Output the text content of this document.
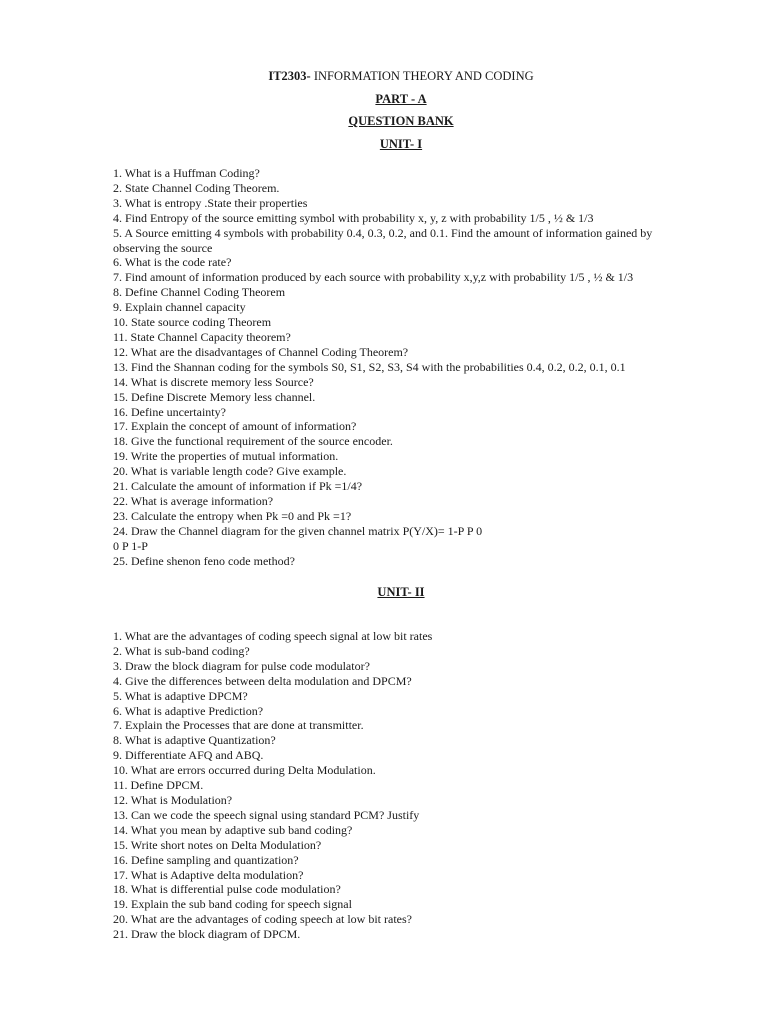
IT2303- INFORMATION THEORY AND CODING
PART - A
QUESTION BANK
UNIT- I
1. What is a Huffman Coding?
2. State Channel Coding Theorem.
3. What is entropy .State their properties
4. Find Entropy of the source emitting symbol with probability x, y, z with probability 1/5 , ½ & 1/3
5. A Source emitting 4 symbols with probability 0.4, 0.3, 0.2, and 0.1. Find the amount of information gained by observing the source
6. What is the code rate?
7. Find amount of information produced by each source with probability x,y,z with probability 1/5 , ½ & 1/3
8. Define Channel Coding Theorem
9. Explain channel capacity
10. State source coding Theorem
11. State Channel Capacity theorem?
12. What are the disadvantages of Channel Coding Theorem?
13. Find the Shannan coding for the symbols S0, S1, S2, S3, S4 with the probabilities 0.4, 0.2, 0.2, 0.1, 0.1
14. What is discrete memory less Source?
15. Define Discrete Memory less channel.
16. Define uncertainty?
17. Explain the concept of amount of information?
18. Give the functional requirement of the source encoder.
19. Write the properties of mutual information.
20. What is variable length code? Give example.
21. Calculate the amount of information if Pk =1/4?
22. What is average information?
23. Calculate the entropy when Pk =0 and Pk =1?
24. Draw the Channel diagram for the given channel matrix P(Y/X)= 1-P P 0
0 P 1-P
25. Define shenon feno code method?
UNIT- II
1. What are the advantages of coding speech signal at low bit rates
2. What is sub-band coding?
3. Draw the block diagram for pulse code modulator?
4. Give the differences between delta modulation and DPCM?
5. What is adaptive DPCM?
6. What is adaptive Prediction?
7. Explain the Processes that are done at transmitter.
8. What is adaptive Quantization?
9. Differentiate AFQ and ABQ.
10. What are errors occurred during Delta Modulation.
11. Define DPCM.
12. What is Modulation?
13. Can we code the speech signal using standard PCM? Justify
14. What you mean by adaptive sub band coding?
15. Write short notes on Delta Modulation?
16. Define sampling and quantization?
17. What is Adaptive delta modulation?
18. What is differential pulse code modulation?
19. Explain the sub band coding for speech signal
20. What are the advantages of coding speech at low bit rates?
21. Draw the block diagram of DPCM.
